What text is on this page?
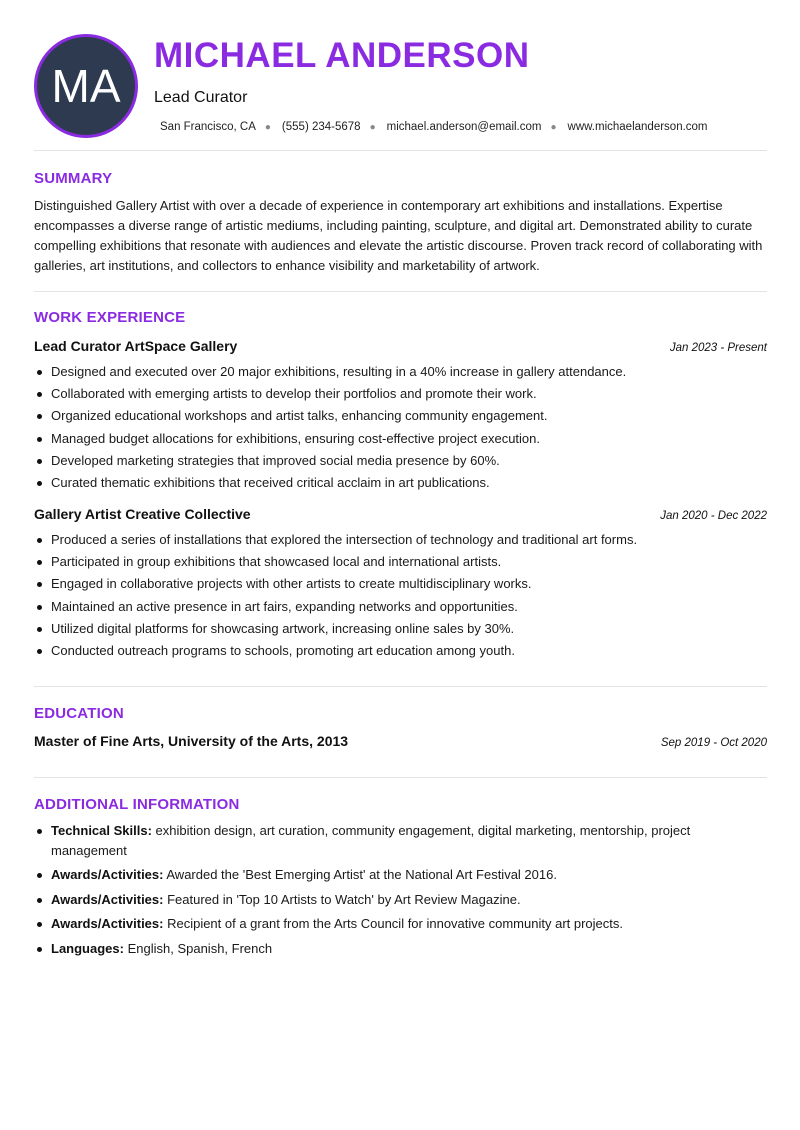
MA
MICHAEL ANDERSON
Lead Curator
San Francisco, CA ● (555) 234-5678 ● michael.anderson@email.com ● www.michaelanderson.com
SUMMARY
Distinguished Gallery Artist with over a decade of experience in contemporary art exhibitions and installations. Expertise encompasses a diverse range of artistic mediums, including painting, sculpture, and digital art. Demonstrated ability to curate compelling exhibitions that resonate with audiences and elevate the artistic discourse. Proven track record of collaborating with galleries, art institutions, and collectors to enhance visibility and marketability of artwork.
WORK EXPERIENCE
Lead Curator ArtSpace Gallery	Jan 2023 - Present
Designed and executed over 20 major exhibitions, resulting in a 40% increase in gallery attendance.
Collaborated with emerging artists to develop their portfolios and promote their work.
Organized educational workshops and artist talks, enhancing community engagement.
Managed budget allocations for exhibitions, ensuring cost-effective project execution.
Developed marketing strategies that improved social media presence by 60%.
Curated thematic exhibitions that received critical acclaim in art publications.
Gallery Artist Creative Collective	Jan 2020 - Dec 2022
Produced a series of installations that explored the intersection of technology and traditional art forms.
Participated in group exhibitions that showcased local and international artists.
Engaged in collaborative projects with other artists to create multidisciplinary works.
Maintained an active presence in art fairs, expanding networks and opportunities.
Utilized digital platforms for showcasing artwork, increasing online sales by 30%.
Conducted outreach programs to schools, promoting art education among youth.
EDUCATION
Master of Fine Arts, University of the Arts, 2013	Sep 2019 - Oct 2020
ADDITIONAL INFORMATION
Technical Skills: exhibition design, art curation, community engagement, digital marketing, mentorship, project management
Awards/Activities: Awarded the 'Best Emerging Artist' at the National Art Festival 2016.
Awards/Activities: Featured in 'Top 10 Artists to Watch' by Art Review Magazine.
Awards/Activities: Recipient of a grant from the Arts Council for innovative community art projects.
Languages: English, Spanish, French
